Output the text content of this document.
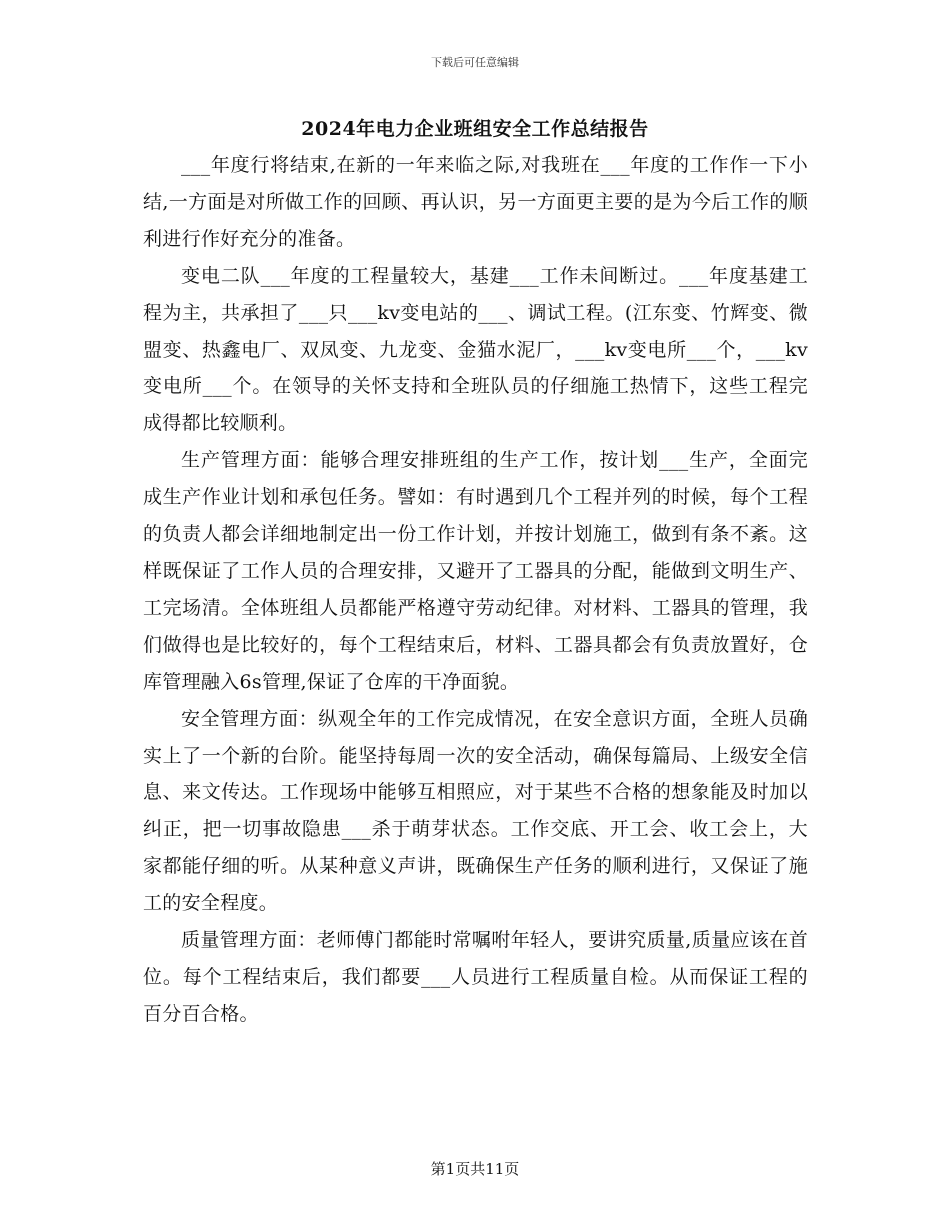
下载后可任意编辑
2024年电力企业班组安全工作总结报告

___年度行将结束,在新的一年来临之际,对我班在___年度的工作作一下小结,一方面是对所做工作的回顾、再认识，另一方面更主要的是为今后工作的顺利进行作好充分的准备。

变电二队___年度的工程量较大，基建___工作未间断过。___年度基建工程为主，共承担了___只___kv变电站的___、调试工程。(江东变、竹辉变、微盟变、热鑫电厂、双凤变、九龙变、金猫水泥厂，___kv变电所___个，___kv变电所___个。在领导的关怀支持和全班队员的仔细施工热情下，这些工程完成得都比较顺利。

生产管理方面：能够合理安排班组的生产工作，按计划___生产，全面完成生产作业计划和承包任务。譬如：有时遇到几个工程并列的时候，每个工程的负责人都会详细地制定出一份工作计划，并按计划施工，做到有条不紊。这样既保证了工作人员的合理安排，又避开了工器具的分配，能做到文明生产、工完场清。全体班组人员都能严格遵守劳动纪律。对材料、工器具的管理，我们做得也是比较好的，每个工程结束后，材料、工器具都会有负责放置好，仓库管理融入6s管理,保证了仓库的干净面貌。

安全管理方面：纵观全年的工作完成情况，在安全意识方面，全班人员确实上了一个新的台阶。能坚持每周一次的安全活动，确保每篇局、上级安全信息、来文传达。工作现场中能够互相照应，对于某些不合格的想象能及时加以纠正，把一切事故隐患___杀于萌芽状态。工作交底、开工会、收工会上，大家都能仔细的听。从某种意义声讲，既确保生产任务的顺利进行，又保证了施工的安全程度。

质量管理方面：老师傅门都能时常嘱咐年轻人，要讲究质量,质量应该在首位。每个工程结束后，我们都要___人员进行工程质量自检。从而保证工程的百分百合格。

第1页共11页
